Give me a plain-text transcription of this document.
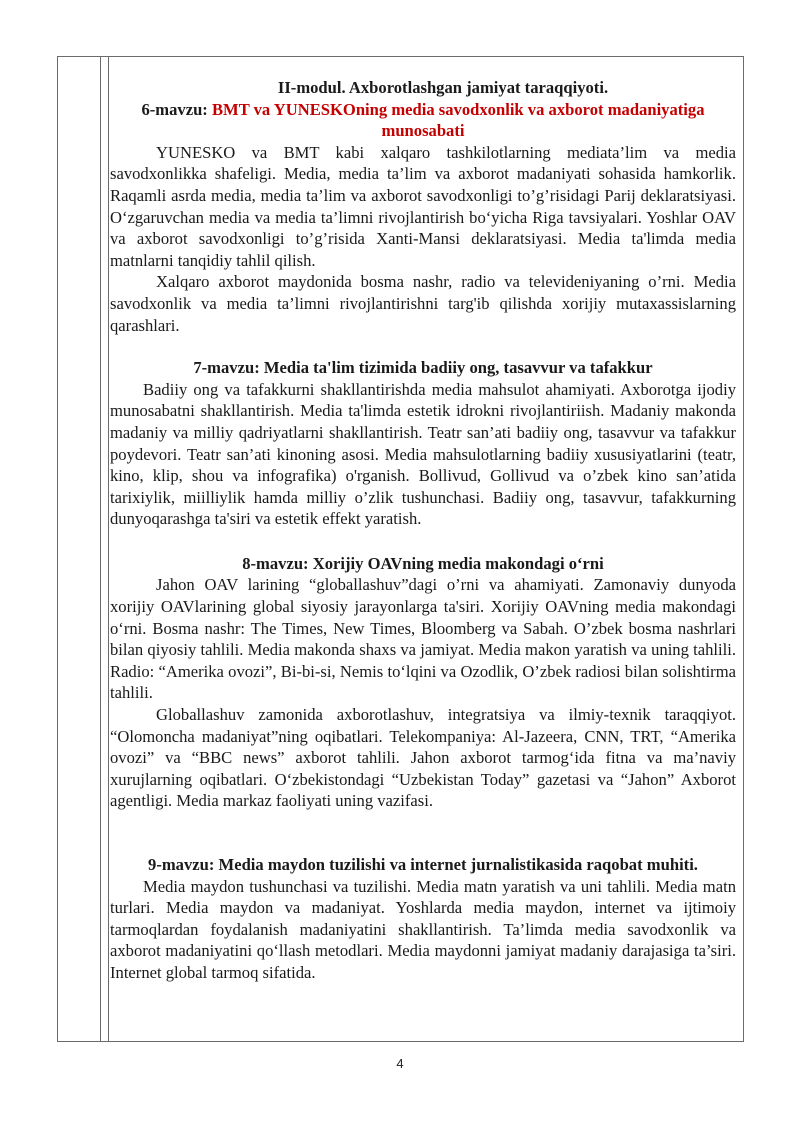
II-modul. Axborotlashgan jamiyat taraqqiyoti.
6-mavzu: BMT va YUNESKOning media savodxonlik va axborot madaniyatiga munosabati

YUNESKO va BMT kabi xalqaro tashkilotlarning mediata’lim va media savodxonlikka shafeligi. Media, media ta’lim va axborot madaniyati sohasida hamkorlik. Raqamli asrda media, media ta’lim va axborot savodxonligi to’g’risidagi Parij deklaratsiyasi. O‘zgaruvchan media va media ta’limni rivojlantirish bo‘yicha Riga tavsiyalari. Yoshlar OAV va axborot savodxonligi to’g’risida Xanti-Mansi deklaratsiyasi. Media ta'limda media matnlarni tanqidiy tahlil qilish.

Xalqaro axborot maydonida bosma nashr, radio va televideniyaning o’rni. Media savodxonlik va media ta’limni rivojlantirishni targ'ib qilishda xorijiy mutaxassislarning qarashlari.

7-mavzu: Media ta'lim tizimida badiiy ong, tasavvur va tafakkur

Badiiy ong va tafakkurni shakllantirishda media mahsulot ahamiyati. Axborotga ijodiy munosabatni shakllantirish. Media ta'limda estetik idrokni rivojlantiriish. Madaniy makonda madaniy va milliy qadriyatlarni shakllantirish. Teatr san’ati badiiy ong, tasavvur va tafakkur poydevori. Teatr san’ati kinoning asosi. Media mahsulotlarning badiiy xususiyatlarini (teatr, kino, klip, shou va infografika) o'rganish. Bollivud, Gollivud va o’zbek kino san’atida tarixiylik, miilliylik hamda milliy o’zlik tushunchasi. Badiiy ong, tasavvur, tafakkurning dunyoqarashga ta'siri va estetik effekt yaratish.

8-mavzu: Xorijiy OAVning media makondagi o‘rni

Jahon OAV larining “globallashuv”dagi o’rni va ahamiyati. Zamonaviy dunyoda xorijiy OAVlarining global siyosiy jarayonlarga ta'siri. Xorijiy OAVning media makondagi o‘rni. Bosma nashr: The Times, New Times, Bloomberg va Sabah. O’zbek bosma nashrlari bilan qiyosiy tahlili. Media makonda shaxs va jamiyat. Media makon yaratish va uning tahlili. Radio: “Amerika ovozi”, Bi-bi-si, Nemis to‘lqini va Ozodlik, O’zbek radiosi bilan solishtirma tahlili.

Globallashuv zamonida axborotlashuv, integratsiya va ilmiy-texnik taraqqiyot. “Olomoncha madaniyat”ning oqibatlari. Telekompaniya: Al-Jazeera, CNN, TRT, “Amerika ovozi” va “BBC news” axborot tahlili. Jahon axborot tarmog‘ida fitna va ma’naviy xurujlarning oqibatlari. O‘zbekistondagi “Uzbekistan Today” gazetasi va “Jahon” Axborot agentligi. Media markaz faoliyati uning vazifasi.

9-mavzu: Media maydon tuzilishi va internet jurnalistikasida raqobat muhiti.

Media maydon tushunchasi va tuzilishi. Media matn yaratish va uni tahlili. Media matn turlari. Media maydon va madaniyat. Yoshlarda media maydon, internet va ijtimoiy tarmoqlardan foydalanish madaniyatini shakllantirish. Ta’limda media savodxonlik va axborot madaniyatini qo‘llash metodlari. Media maydonni jamiyat madaniy darajasiga ta’siri. Internet global tarmoq sifatida.

4
